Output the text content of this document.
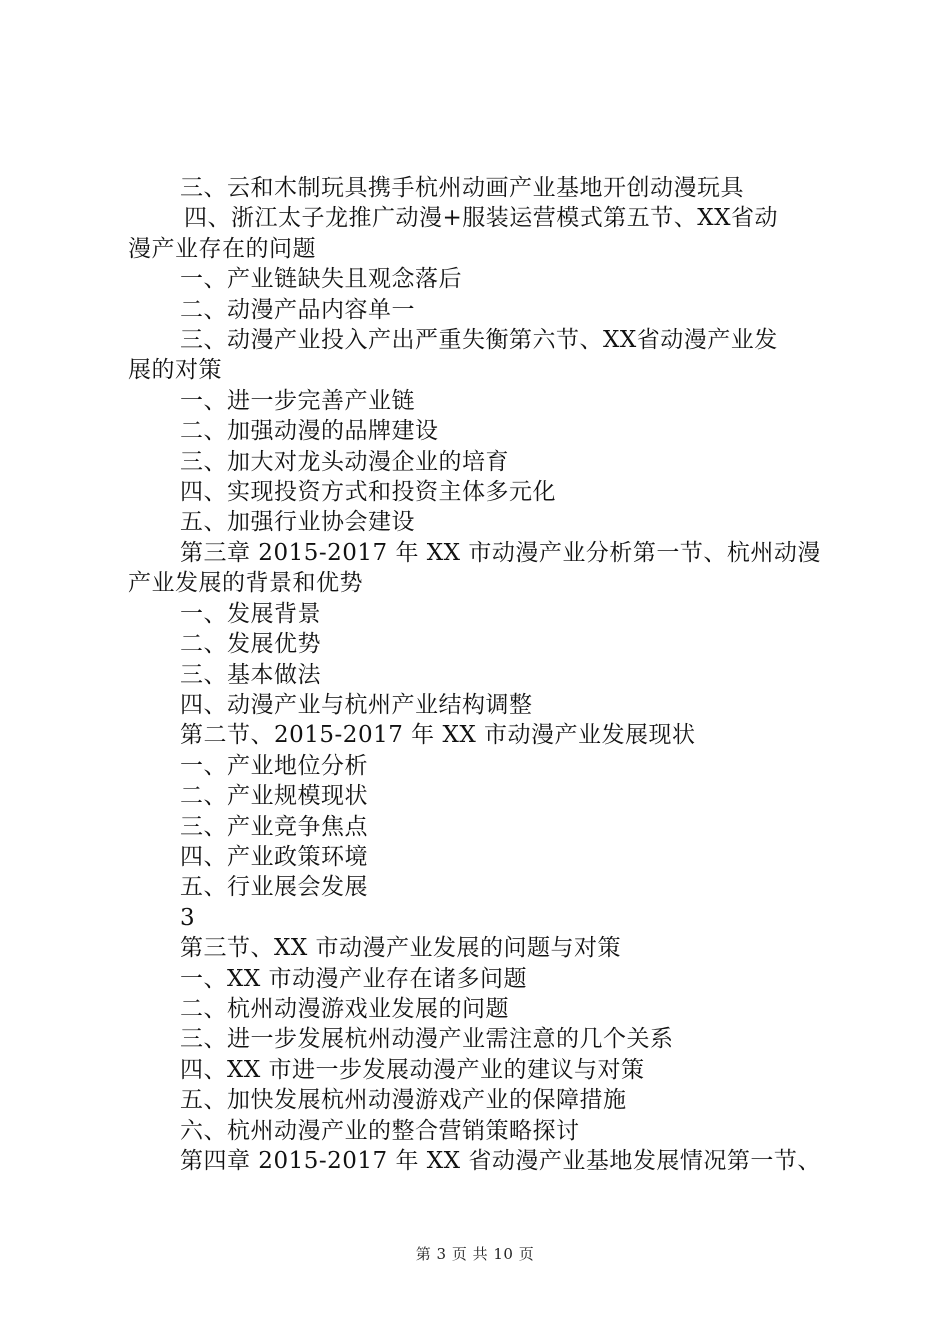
三、云和木制玩具携手杭州动画产业基地开创动漫玩具
四、浙江太子龙推广动漫+服装运营模式第五节、XX省动
漫产业存在的问题
一、产业链缺失且观念落后
二、动漫产品内容单一
三、动漫产业投入产出严重失衡第六节、XX省动漫产业发
展的对策
一、进一步完善产业链
二、加强动漫的品牌建设
三、加大对龙头动漫企业的培育
四、实现投资方式和投资主体多元化
五、加强行业协会建设
第三章 2015-2017 年 XX 市动漫产业分析第一节、杭州动漫
产业发展的背景和优势
一、发展背景
二、发展优势
三、基本做法
四、动漫产业与杭州产业结构调整
第二节、2015-2017 年 XX 市动漫产业发展现状
一、产业地位分析
二、产业规模现状
三、产业竞争焦点
四、产业政策环境
五、行业展会发展
3
第三节、XX 市动漫产业发展的问题与对策
一、XX 市动漫产业存在诸多问题
二、杭州动漫游戏业发展的问题
三、进一步发展杭州动漫产业需注意的几个关系
四、XX 市进一步发展动漫产业的建议与对策
五、加快发展杭州动漫游戏产业的保障措施
六、杭州动漫产业的整合营销策略探讨
第四章 2015-2017 年 XX 省动漫产业基地发展情况第一节、
第 3 页 共 10 页
